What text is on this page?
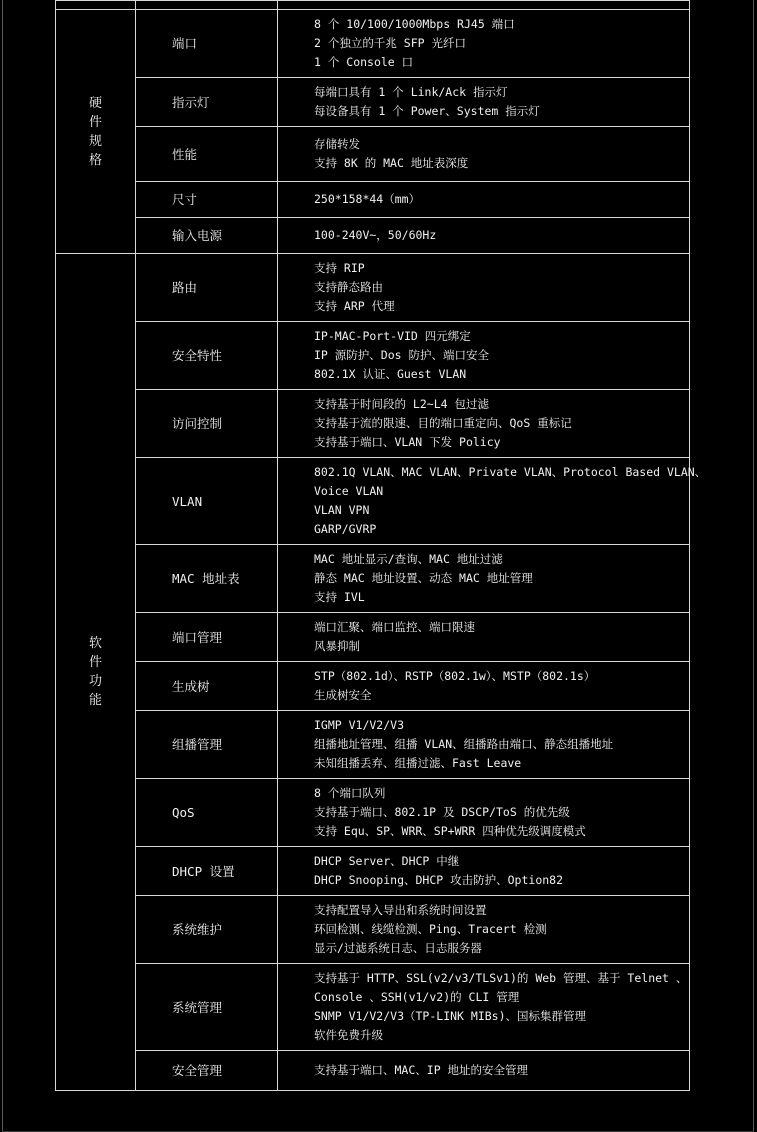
硬
件
规
格	端口	8 个 10/100/1000Mbps RJ45 端口
2 个独立的千兆 SFP 光纤口
1 个 Console 口

	指示灯	每端口具有 1 个 Link/Ack 指示灯
每设备具有 1 个 Power、System 指示灯

	性能	存储转发
支持 8K 的 MAC 地址表深度

	尺寸	250*158*44（mm）

	输入电源	100-240V~，50/60Hz

软
件
功
能	路由	支持 RIP
支持静态路由
支持 ARP 代理

	安全特性	IP-MAC-Port-VID 四元绑定
IP 源防护、Dos 防护、端口安全
802.1X 认证、Guest VLAN

	访问控制	支持基于时间段的 L2~L4 包过滤
支持基于流的限速、目的端口重定向、QoS 重标记
支持基于端口、VLAN 下发 Policy

	VLAN	802.1Q VLAN、MAC VLAN、Private VLAN、Protocol Based VLAN、
Voice VLAN
VLAN VPN
GARP/GVRP

	MAC 地址表	MAC 地址显示/查询、MAC 地址过滤
静态 MAC 地址设置、动态 MAC 地址管理
支持 IVL

	端口管理	端口汇聚、端口监控、端口限速
风暴抑制

	生成树	STP（802.1d）、RSTP（802.1w）、MSTP（802.1s）
生成树安全

	组播管理	IGMP V1/V2/V3
组播地址管理、组播 VLAN、组播路由端口、静态组播地址
未知组播丢弃、组播过滤、Fast Leave

	QoS	8 个端口队列
支持基于端口、802.1P 及 DSCP/ToS 的优先级
支持 Equ、SP、WRR、SP+WRR 四种优先级调度模式

	DHCP 设置	DHCP Server、DHCP 中继
DHCP Snooping、DHCP 攻击防护、Option82

	系统维护	支持配置导入导出和系统时间设置
环回检测、线缆检测、Ping、Tracert 检测
显示/过滤系统日志、日志服务器

	系统管理	支持基于 HTTP、SSL(v2/v3/TLSv1)的 Web 管理、基于 Telnet 、
Console 、SSH(v1/v2)的 CLI 管理
SNMP V1/V2/V3（TP-LINK MIBs)、国标集群管理
软件免费升级

	安全管理	支持基于端口、MAC、IP 地址的安全管理
